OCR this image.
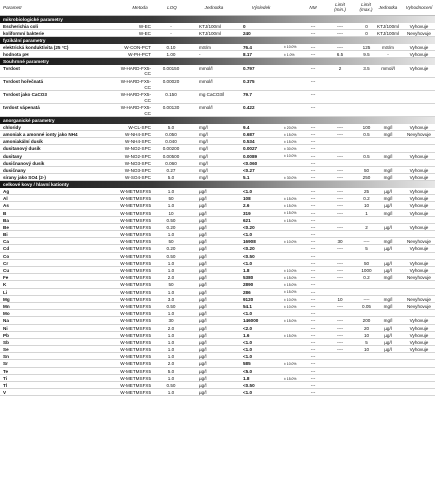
Parametr	Metoda	LOQ	Jednotka	Výsledek	NM
Limit
(min.)
Limit
(max.)	Jednotka	Vyhodnocení
mikrobiologické parametry
Escherichia coli	W-EC	-	KTJ/100ml	0	---	----	0	KTJ/100ml	Vyhovuje
koliformní bakterie	W-EC	-	KTJ/100ml	240	---	----	0	KTJ/100ml	Nevyhovuje
fyzikální parametry
elektrická konduktivita (25 °C)	W-CON-PCT	0.10	mS/m	76.4	± 10.0%	---	----	125	mS/m	Vyhovuje
hodnota pH	W-PH-PCT	1.00	-	8.17	± 1.0%	---	6.5	9.5	-	Vyhovuje
Souhrnné parametry
Tvrdost	W-HARD-FX5-
CC
0.00150	mmol/l	0.797	---	2	3.5	mmol/l	Vyhovuje
Tvrdost hořečnatá	W-HARD-FX5-
CC
0.00020	mmol/l	0.375	---
Tvrdost jako CaCO3	W-HARD-FX5-
CC
0.150	mg CaCO3/l	79.7	---
tvrdost vápenatá	W-HARD-FX5-
CC
0.00130	mmol/l	0.422	---
anorganické parametry
chloridy	W-CL-SPC	5.0	mg/l	9.4	± 20.0%	---	----	100	mg/l	Vyhovuje
amoniak a amonné ionty jako NH4	W-NH4-SPC	0.050	mg/l	0.687	± 15.0%	---	----	0.5	mg/l	Nevyhovuje
amoniakální dusík	W-NH4-SPC	0.040	mg/l	0.534	± 15.0%	---
dusitanový dusík	W-NO2-SPC	0.00200	mg/l	0.0027	± 30.0%	---
dusitany	W-NO2-SPC	0.00500	mg/l	0.0089	± 10.0%	---	----	0.5	mg/l	Vyhovuje
dusičnanový dusík	W-NO3-SPC	0.060	mg/l	<0.060	---
dusičnany	W-NO3-SPC	0.27	mg/l	<0.27	---	----	50	mg/l	Vyhovuje
sírany jako SO4 (2-)	W-SO4-SPC	5.0	mg/l	5.1	± 30.0%	---	----	250	mg/l	Vyhovuje
celkové kovy / hlavní kationty
Ag	W-METMSFX5	1.0	µg/l	<1.0	---	----	25	µg/l	Vyhovuje
Al	W-METMSFX5	50	µg/l	108	± 15.0%	---	----	0.2	mg/l	Vyhovuje
As	W-METMSFX5	1.0	µg/l	2.6	± 15.0%	---	----	10	µg/l	Vyhovuje
B	W-METMSFX5	10	µg/l	319	± 15.0%	---	----	1	mg/l	Vyhovuje
Ba	W-METMSFX5	0.50	µg/l	621	± 15.0%	---
Be	W-METMSFX5	0.20	µg/l	<0.20	---	----	2	µg/l	Vyhovuje
Bi	W-METMSFX5	1.0	µg/l	<1.0	---
Ca	W-METMSFX5	50	µg/l	16908	± 10.0%	---	30	----	mg/l	Nevyhovuje
Cd	W-METMSFX5	0.20	µg/l	<0.20	---	----	5	µg/l	Vyhovuje
Co	W-METMSFX5	0.50	µg/l	<0.50	---
Cr	W-METMSFX5	1.0	µg/l	<1.0	---	----	50	µg/l	Vyhovuje
Cu	W-METMSFX5	1.0	µg/l	1.8	± 10.0%	---	----	1000	µg/l	Vyhovuje
Fe	W-METMSFX5	2.0	µg/l	5380	± 15.0%	---	----	0.2	mg/l	Nevyhovuje
K	W-METMSFX5	50	µg/l	2890	± 15.0%	---
Li	W-METMSFX5	1.0	µg/l	286	± 15.0%	---
Mg	W-METMSFX5	3.0	µg/l	9120	± 10.0%	---	10	----	mg/l	Nevyhovuje
Mn	W-METMSFX5	0.50	µg/l	54.1	± 10.0%	---	----	0.05	mg/l	Nevyhovuje
Mo	W-METMSFX5	1.0	µg/l	<1.0	---
Na	W-METMSFX5	30	µg/l	146000	± 15.0%	---	----	200	mg/l	Vyhovuje
Ni	W-METMSFX5	2.0	µg/l	<2.0	---	----	20	µg/l	Vyhovuje
Pb	W-METMSFX5	1.0	µg/l	1.6	± 15.0%	---	----	10	µg/l	Vyhovuje
Sb	W-METMSFX5	1.0	µg/l	<1.0	---	----	5	µg/l	Vyhovuje
Se	W-METMSFX5	1.0	µg/l	<1.0	---	----	10	µg/l	Vyhovuje
Sn	W-METMSFX5	1.0	µg/l	<1.0	---
Sr	W-METMSFX5	2.0	µg/l	585	± 10.0%	---
Te	W-METMSFX5	5.0	µg/l	<5.0	---
Ti	W-METMSFX5	1.0	µg/l	1.8	± 15.0%	---
Tl	W-METMSFX5	0.50	µg/l	<0.50	---
V	W-METMSFX5	1.0	µg/l	<1.0	---
